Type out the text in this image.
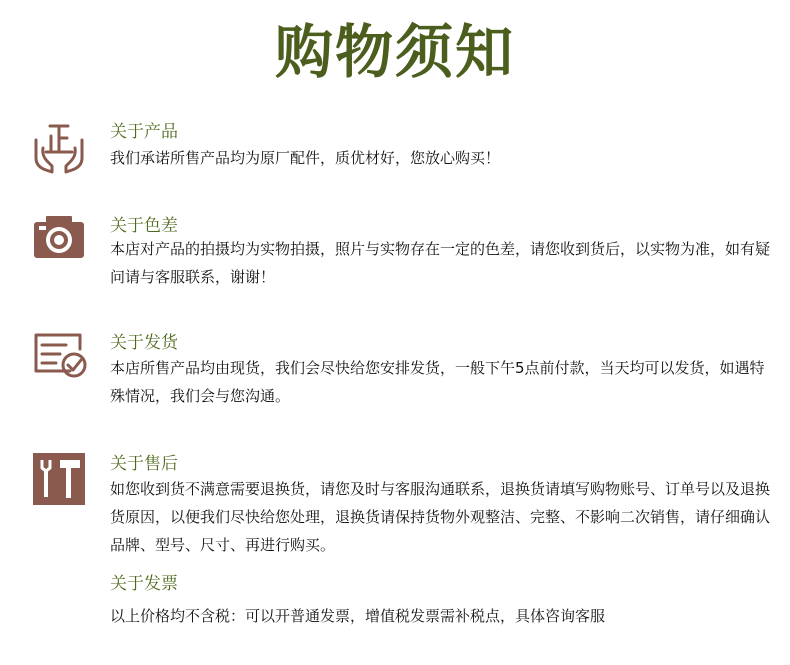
购物须知
关于产品
我们承诺所售产品均为原厂配件，质优材好，您放心购买！
关于色差
本店对产品的拍摄均为实物拍摄，照片与实物存在一定的色差，请您收到货后，以实物为准，如有疑问请与客服联系，谢谢！
关于发货
本店所售产品均由现货，我们会尽快给您安排发货，一般下午5点前付款，当天均可以发货，如遇特殊情况，我们会与您沟通。
关于售后
如您收到货不满意需要退换货，请您及时与客服沟通联系，退换货请填写购物账号、订单号以及退换货原因，以便我们尽快给您处理，退换货请保持货物外观整洁、完整、不影响二次销售，请仔细确认品牌、型号、尺寸、再进行购买。
关于发票
以上价格均不含税：可以开普通发票，增值税发票需补税点，具体咨询客服
